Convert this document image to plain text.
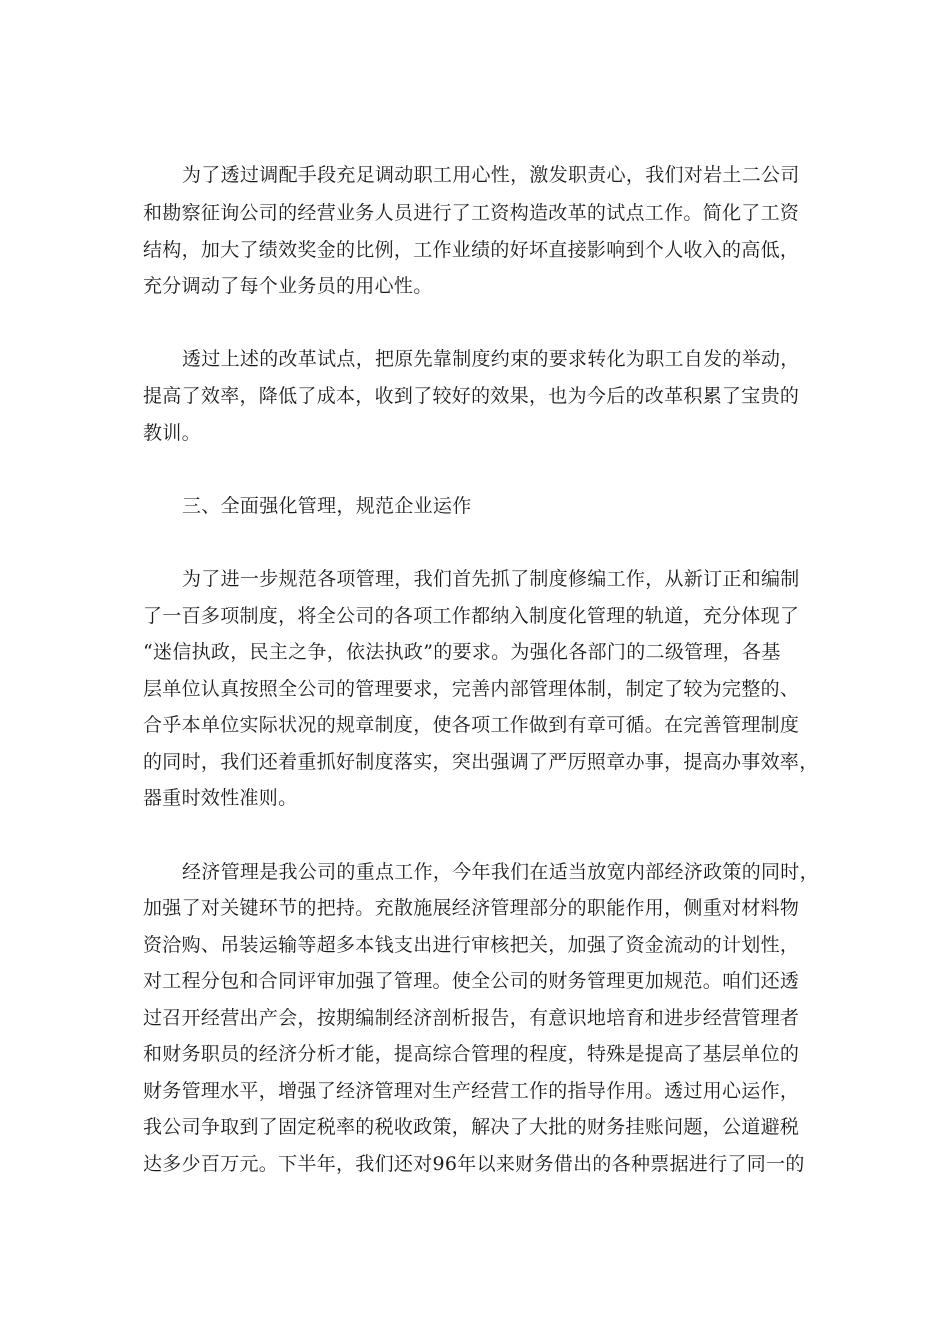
为了透过调配手段充足调动职工用心性，激发职责心，我们对岩土二公司
和勘察征询公司的经营业务人员进行了工资构造改革的试点工作。简化了工资
结构，加大了绩效奖金的比例，工作业绩的好坏直接影响到个人收入的高低，
充分调动了每个业务员的用心性。
透过上述的改革试点，把原先靠制度约束的要求转化为职工自发的举动，
提高了效率，降低了成本，收到了较好的效果，也为今后的改革积累了宝贵的
教训。
三、全面强化管理，规范企业运作
为了进一步规范各项管理，我们首先抓了制度修编工作，从新订正和编制
了一百多项制度，将全公司的各项工作都纳入制度化管理的轨道，充分体现了
“迷信执政，民主之争，依法执政”的要求。为强化各部门的二级管理，各基
层单位认真按照全公司的管理要求，完善内部管理体制，制定了较为完整的、
合乎本单位实际状况的规章制度，使各项工作做到有章可循。在完善管理制度
的同时，我们还着重抓好制度落实，突出强调了严厉照章办事，提高办事效率，
器重时效性准则。
经济管理是我公司的重点工作，今年我们在适当放宽内部经济政策的同时，
加强了对关键环节的把持。充散施展经济管理部分的职能作用，侧重对材料物
资洽购、吊装运输等超多本钱支出进行审核把关，加强了资金流动的计划性，
对工程分包和合同评审加强了管理。使全公司的财务管理更加规范。咱们还透
过召开经营出产会，按期编制经济剖析报告，有意识地培育和进步经营管理者
和财务职员的经济分析才能，提高综合管理的程度，特殊是提高了基层单位的
财务管理水平，增强了经济管理对生产经营工作的指导作用。透过用心运作，
我公司争取到了固定税率的税收政策，解决了大批的财务挂账问题，公道避税
达多少百万元。下半年，我们还对96年以来财务借出的各种票据进行了同一的
